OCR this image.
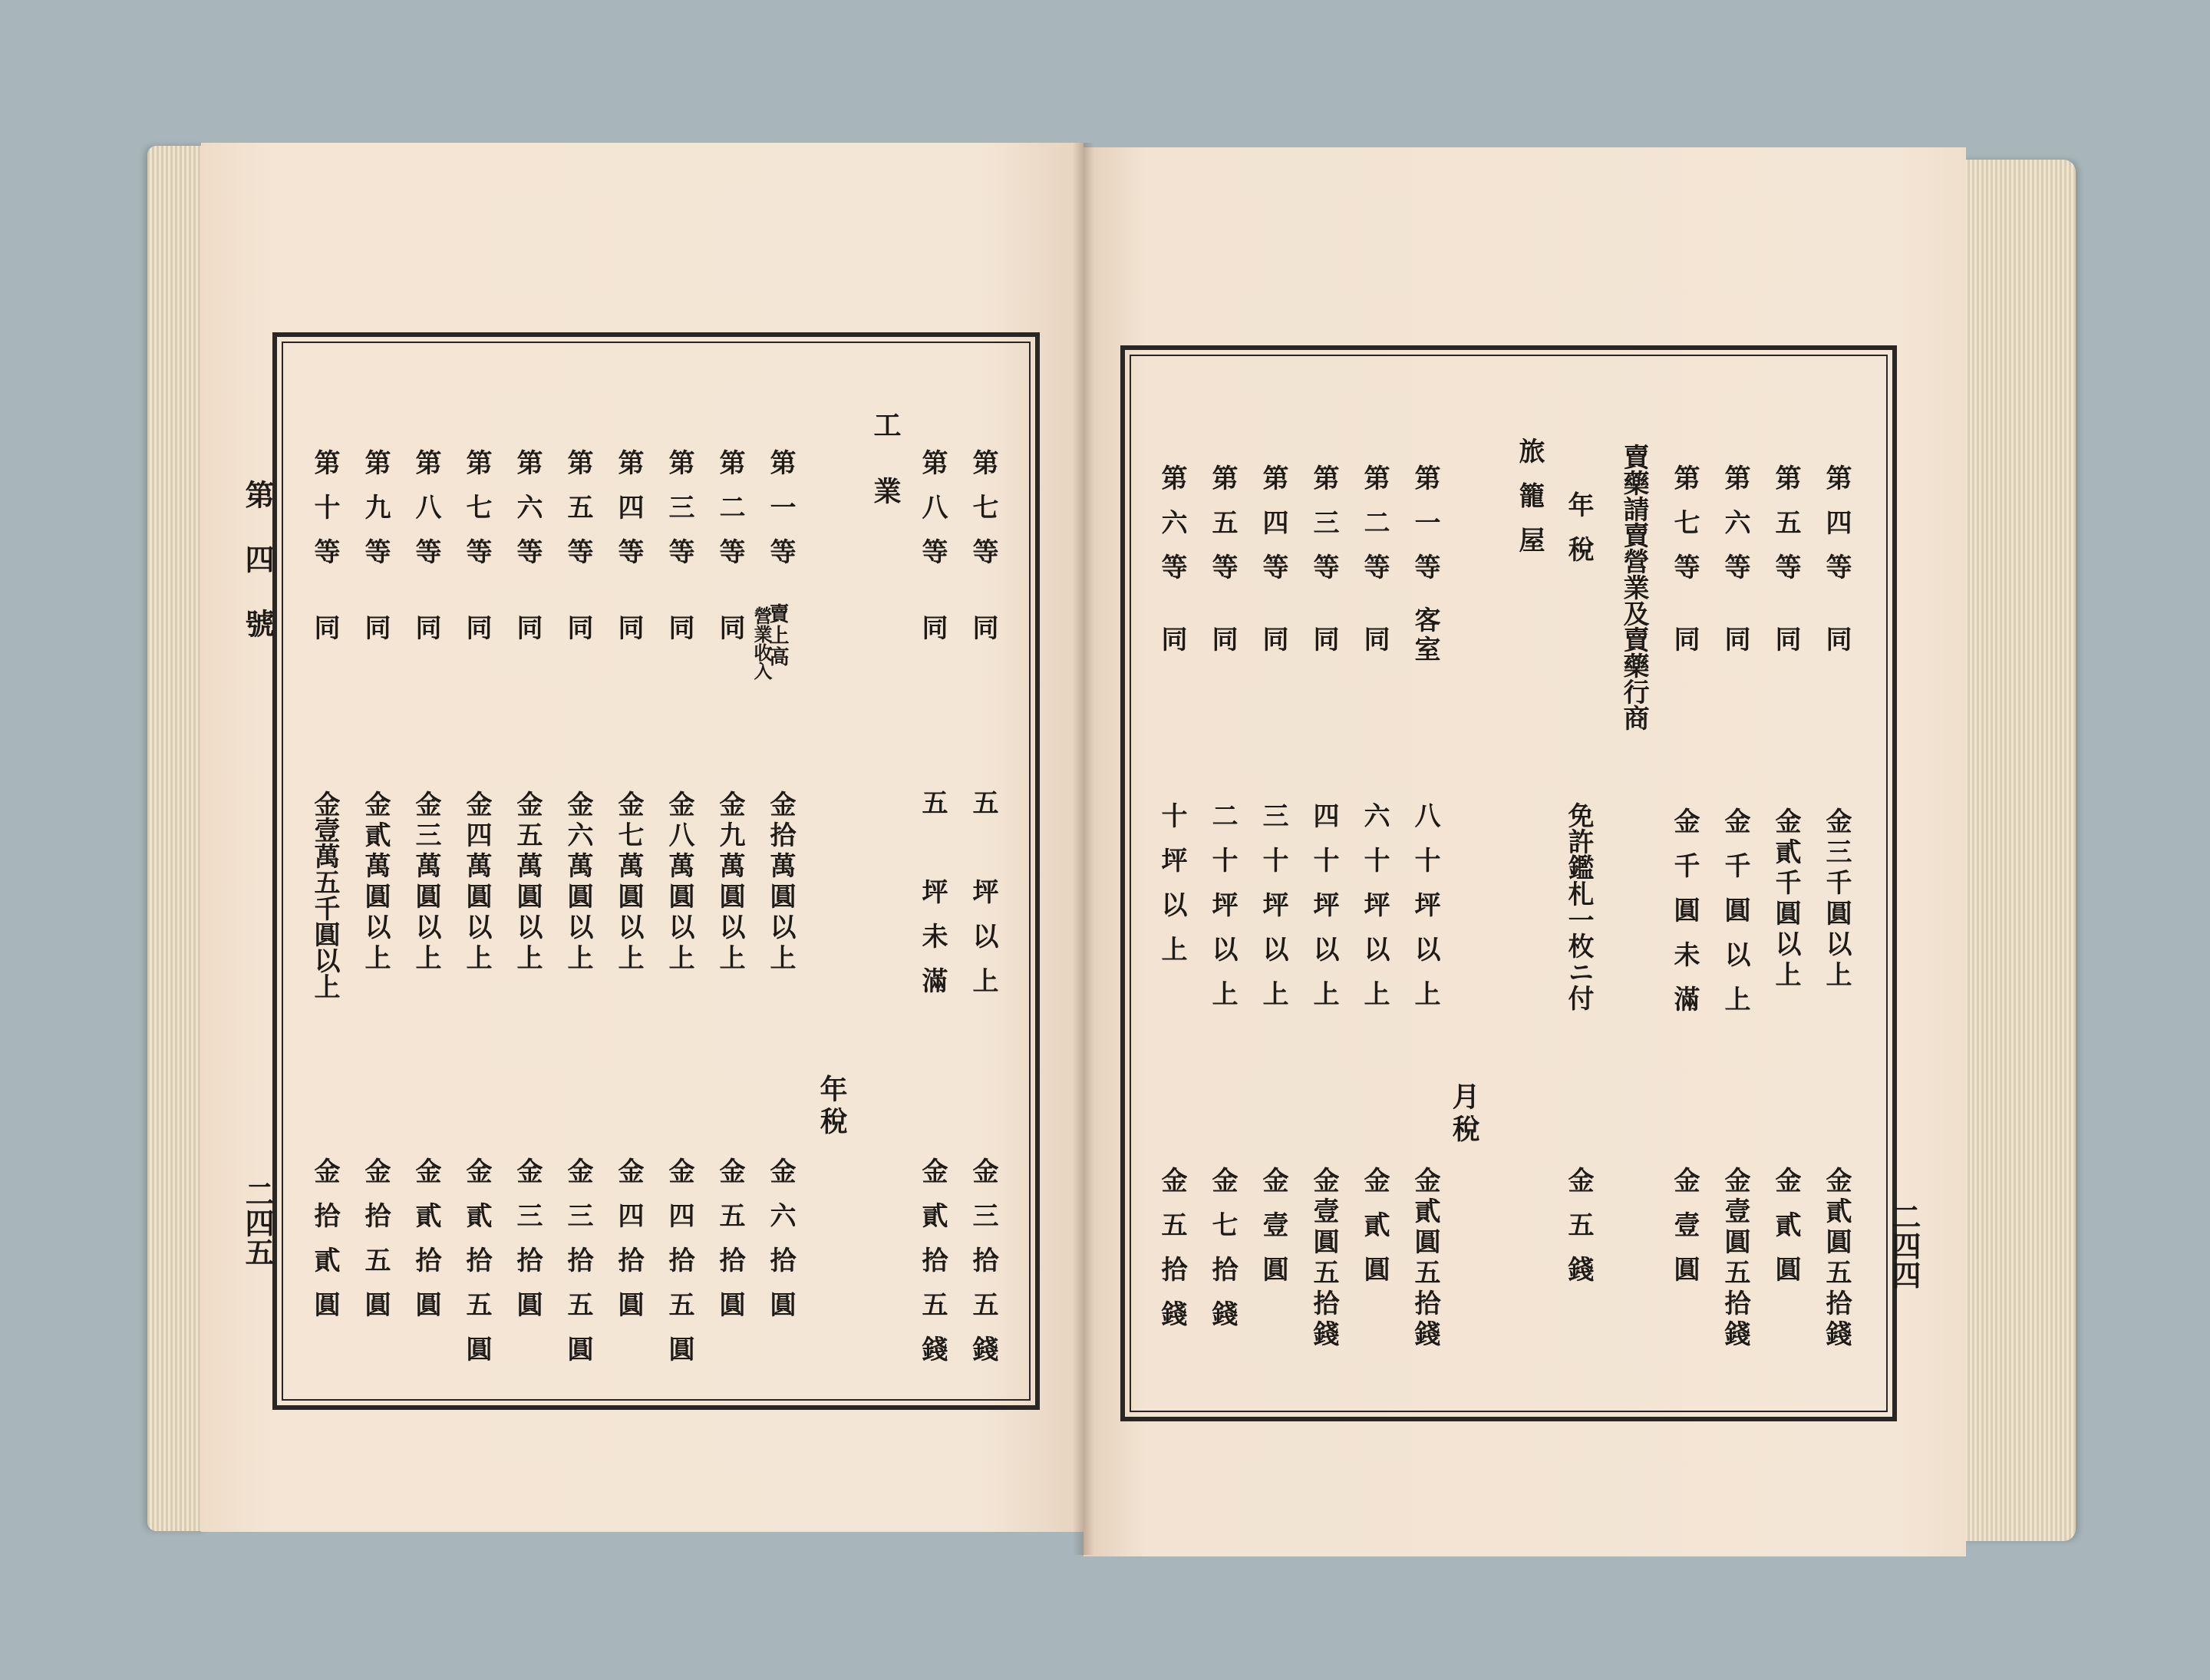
第四號
二四五
第七等
同
五　坪以上
金三拾五錢
第八等
同
五　坪未滿
金貳拾五錢
工業
年稅
第一等
賣上高
營業收入
金拾萬圓以上
金六拾圓
第二等
同
金九萬圓以上
金五拾圓
第三等
同
金八萬圓以上
金四拾五圓
第四等
同
金七萬圓以上
金四拾圓
第五等
同
金六萬圓以上
金三拾五圓
第六等
同
金五萬圓以上
金三拾圓
第七等
同
金四萬圓以上
金貳拾五圓
第八等
同
金三萬圓以上
金貳拾圓
第九等
同
金貳萬圓以上
金拾五圓
第十等
同
金壹萬五千圓以上
金拾貳圓	二四四
第四等
同
金三千圓以上
金貳圓五拾錢
第五等
同
金貳千圓以上
金貳圓
第六等
同
金千圓以上
金壹圓五拾錢
第七等
同
金千圓未滿
金壹圓
賣藥請賣營業及賣藥行商
年稅
免許鑑札一枚ニ付
金五錢
旅籠屋
月稅
第一等
客室
八十坪以上
金貳圓五拾錢
第二等
同
六十坪以上
金貳圓
第三等
同
四十坪以上
金壹圓五拾錢
第四等
同
三十坪以上
金壹圓
第五等
同
二十坪以上
金七拾錢
第六等
同
十坪以上
金五拾錢
